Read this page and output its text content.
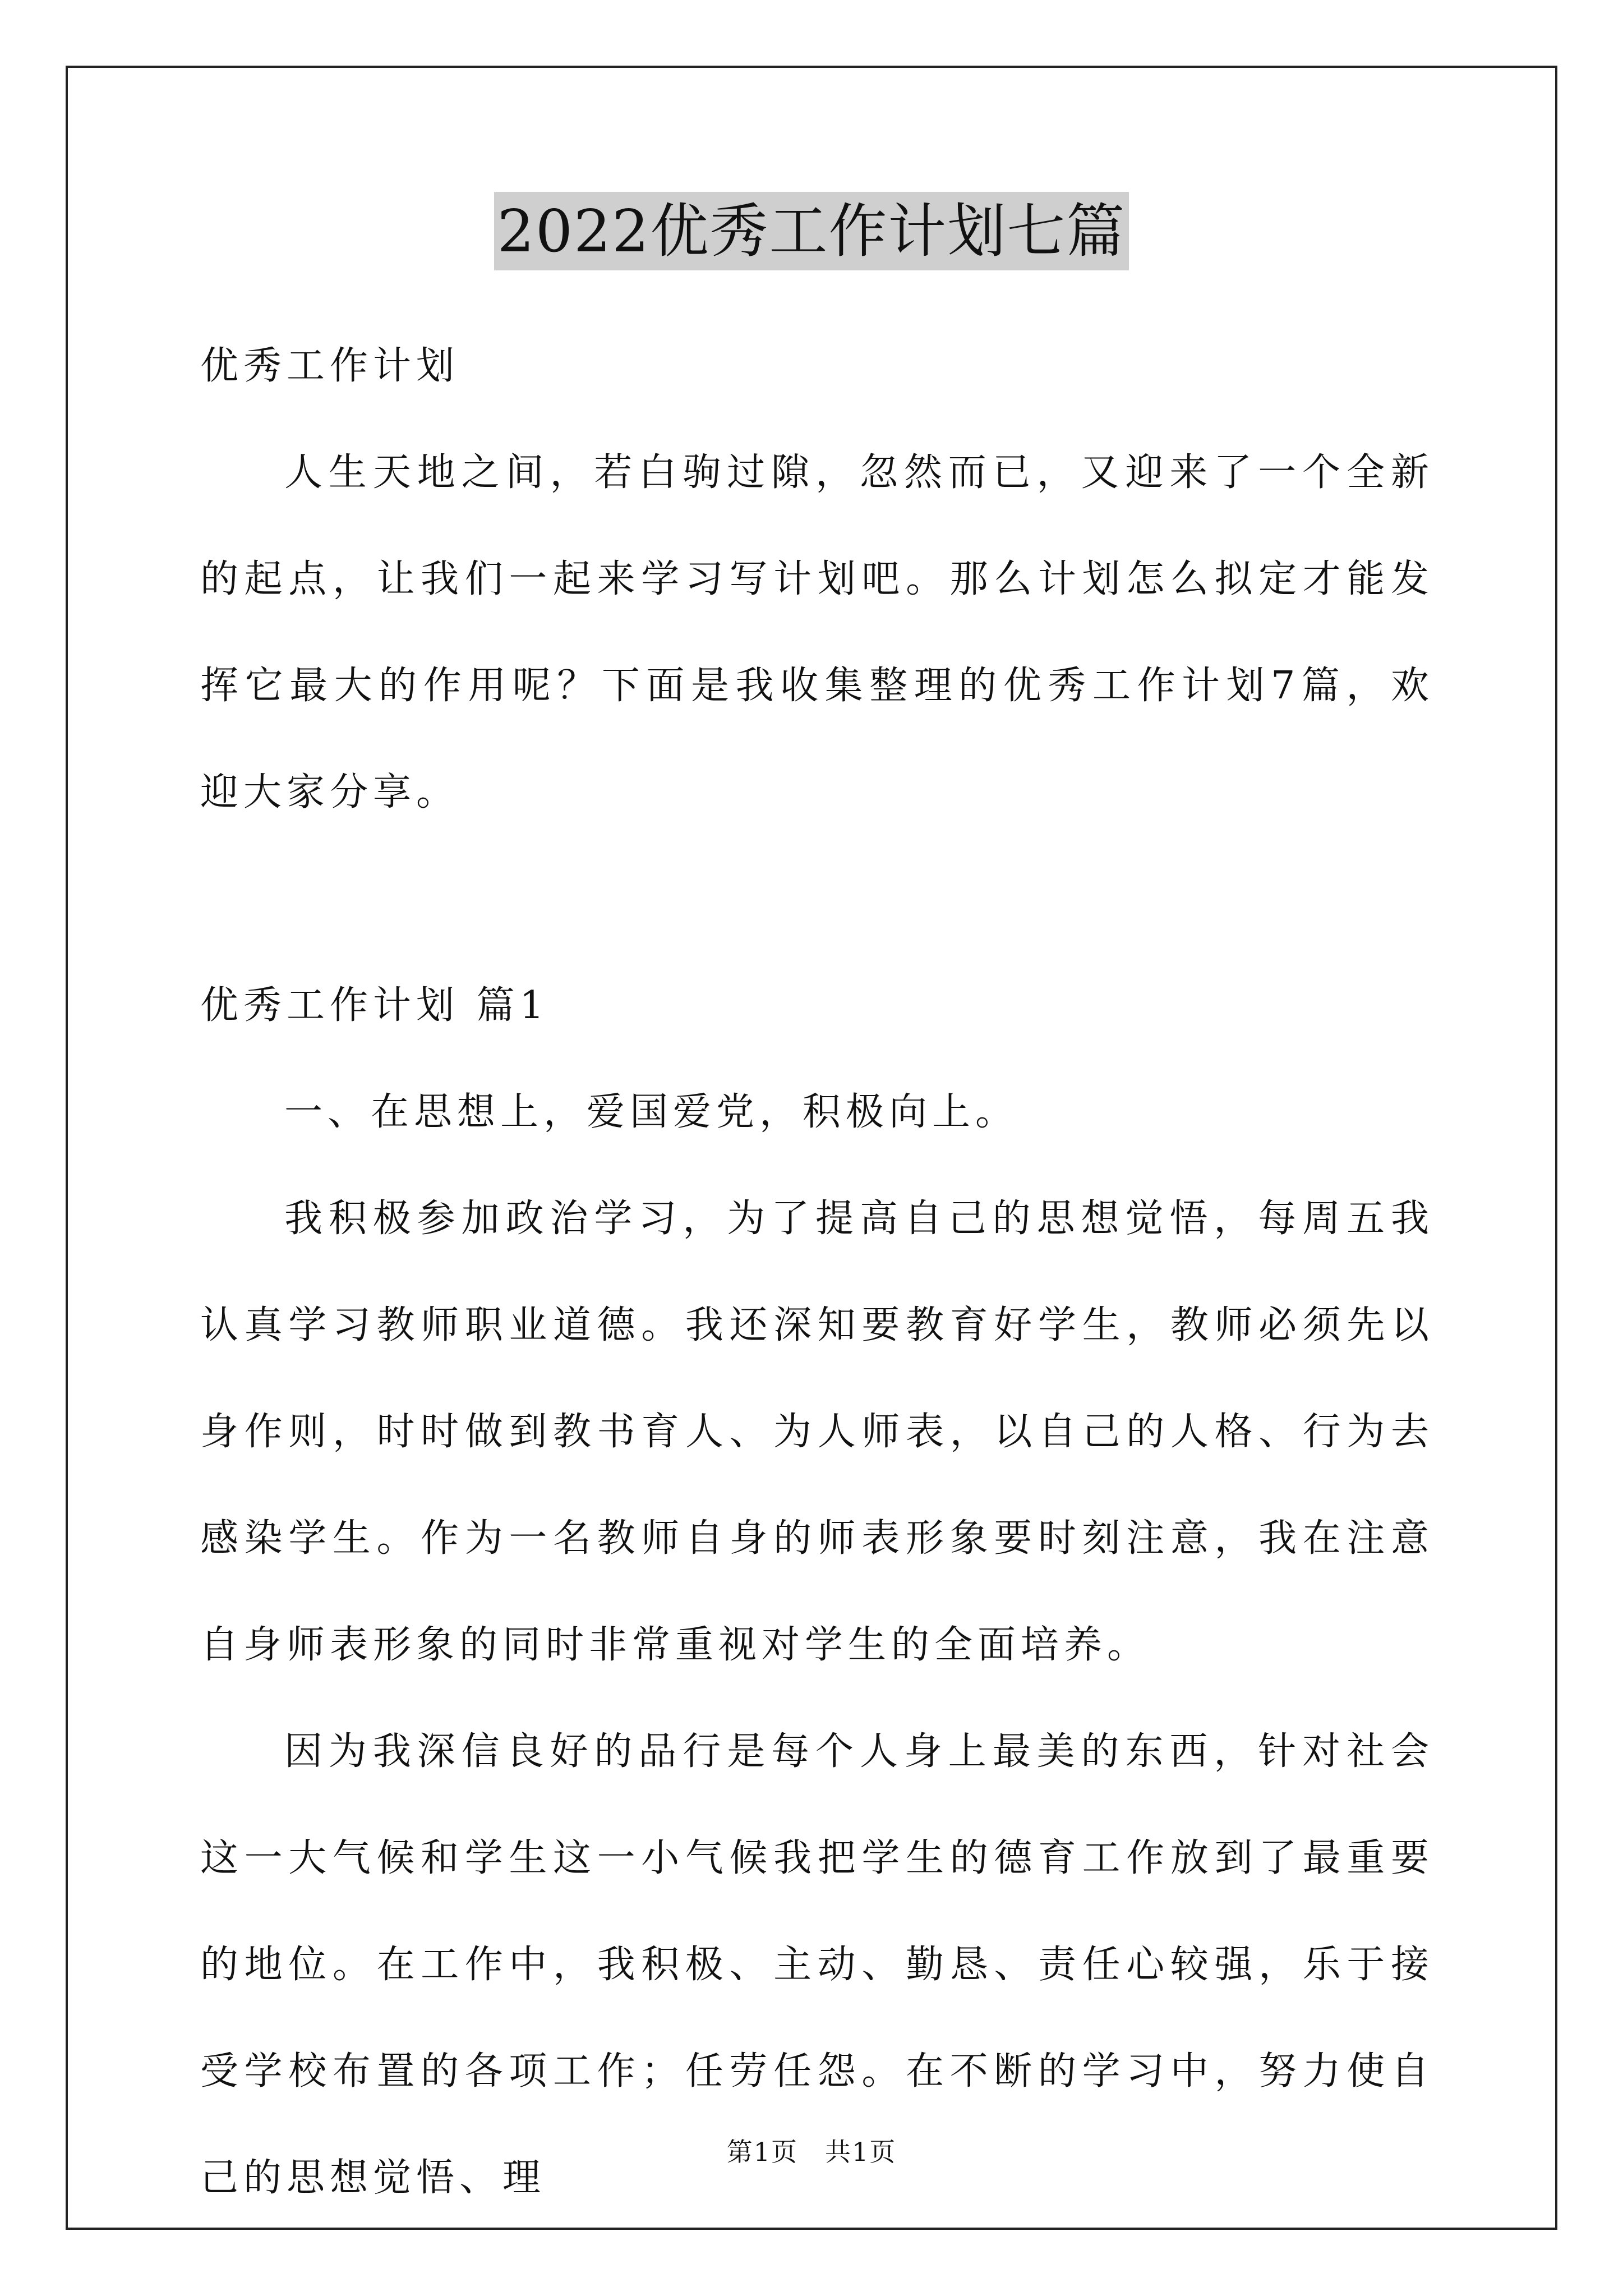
2022优秀工作计划七篇

优秀工作计划

人生天地之间，若白驹过隙，忽然而已，又迎来了一个全新的起点，让我们一起来学习写计划吧。那么计划怎么拟定才能发挥它最大的作用呢？下面是我收集整理的优秀工作计划7篇，欢迎大家分享。

优秀工作计划 篇1

一、在思想上，爱国爱党，积极向上。

我积极参加政治学习，为了提高自己的思想觉悟，每周五我认真学习教师职业道德。我还深知要教育好学生，教师必须先以身作则，时时做到教书育人、为人师表，以自己的人格、行为去感染学生。作为一名教师自身的师表形象要时刻注意，我在注意自身师表形象的同时非常重视对学生的全面培养。

因为我深信良好的品行是每个人身上最美的东西，针对社会这一大气候和学生这一小气候我把学生的德育工作放到了最重要的地位。在工作中，我积极、主动、勤恳、责任心较强，乐于接受学校布置的各项工作；任劳任怨。在不断的学习中，努力使自己的思想觉悟、理

第1页　共1页
